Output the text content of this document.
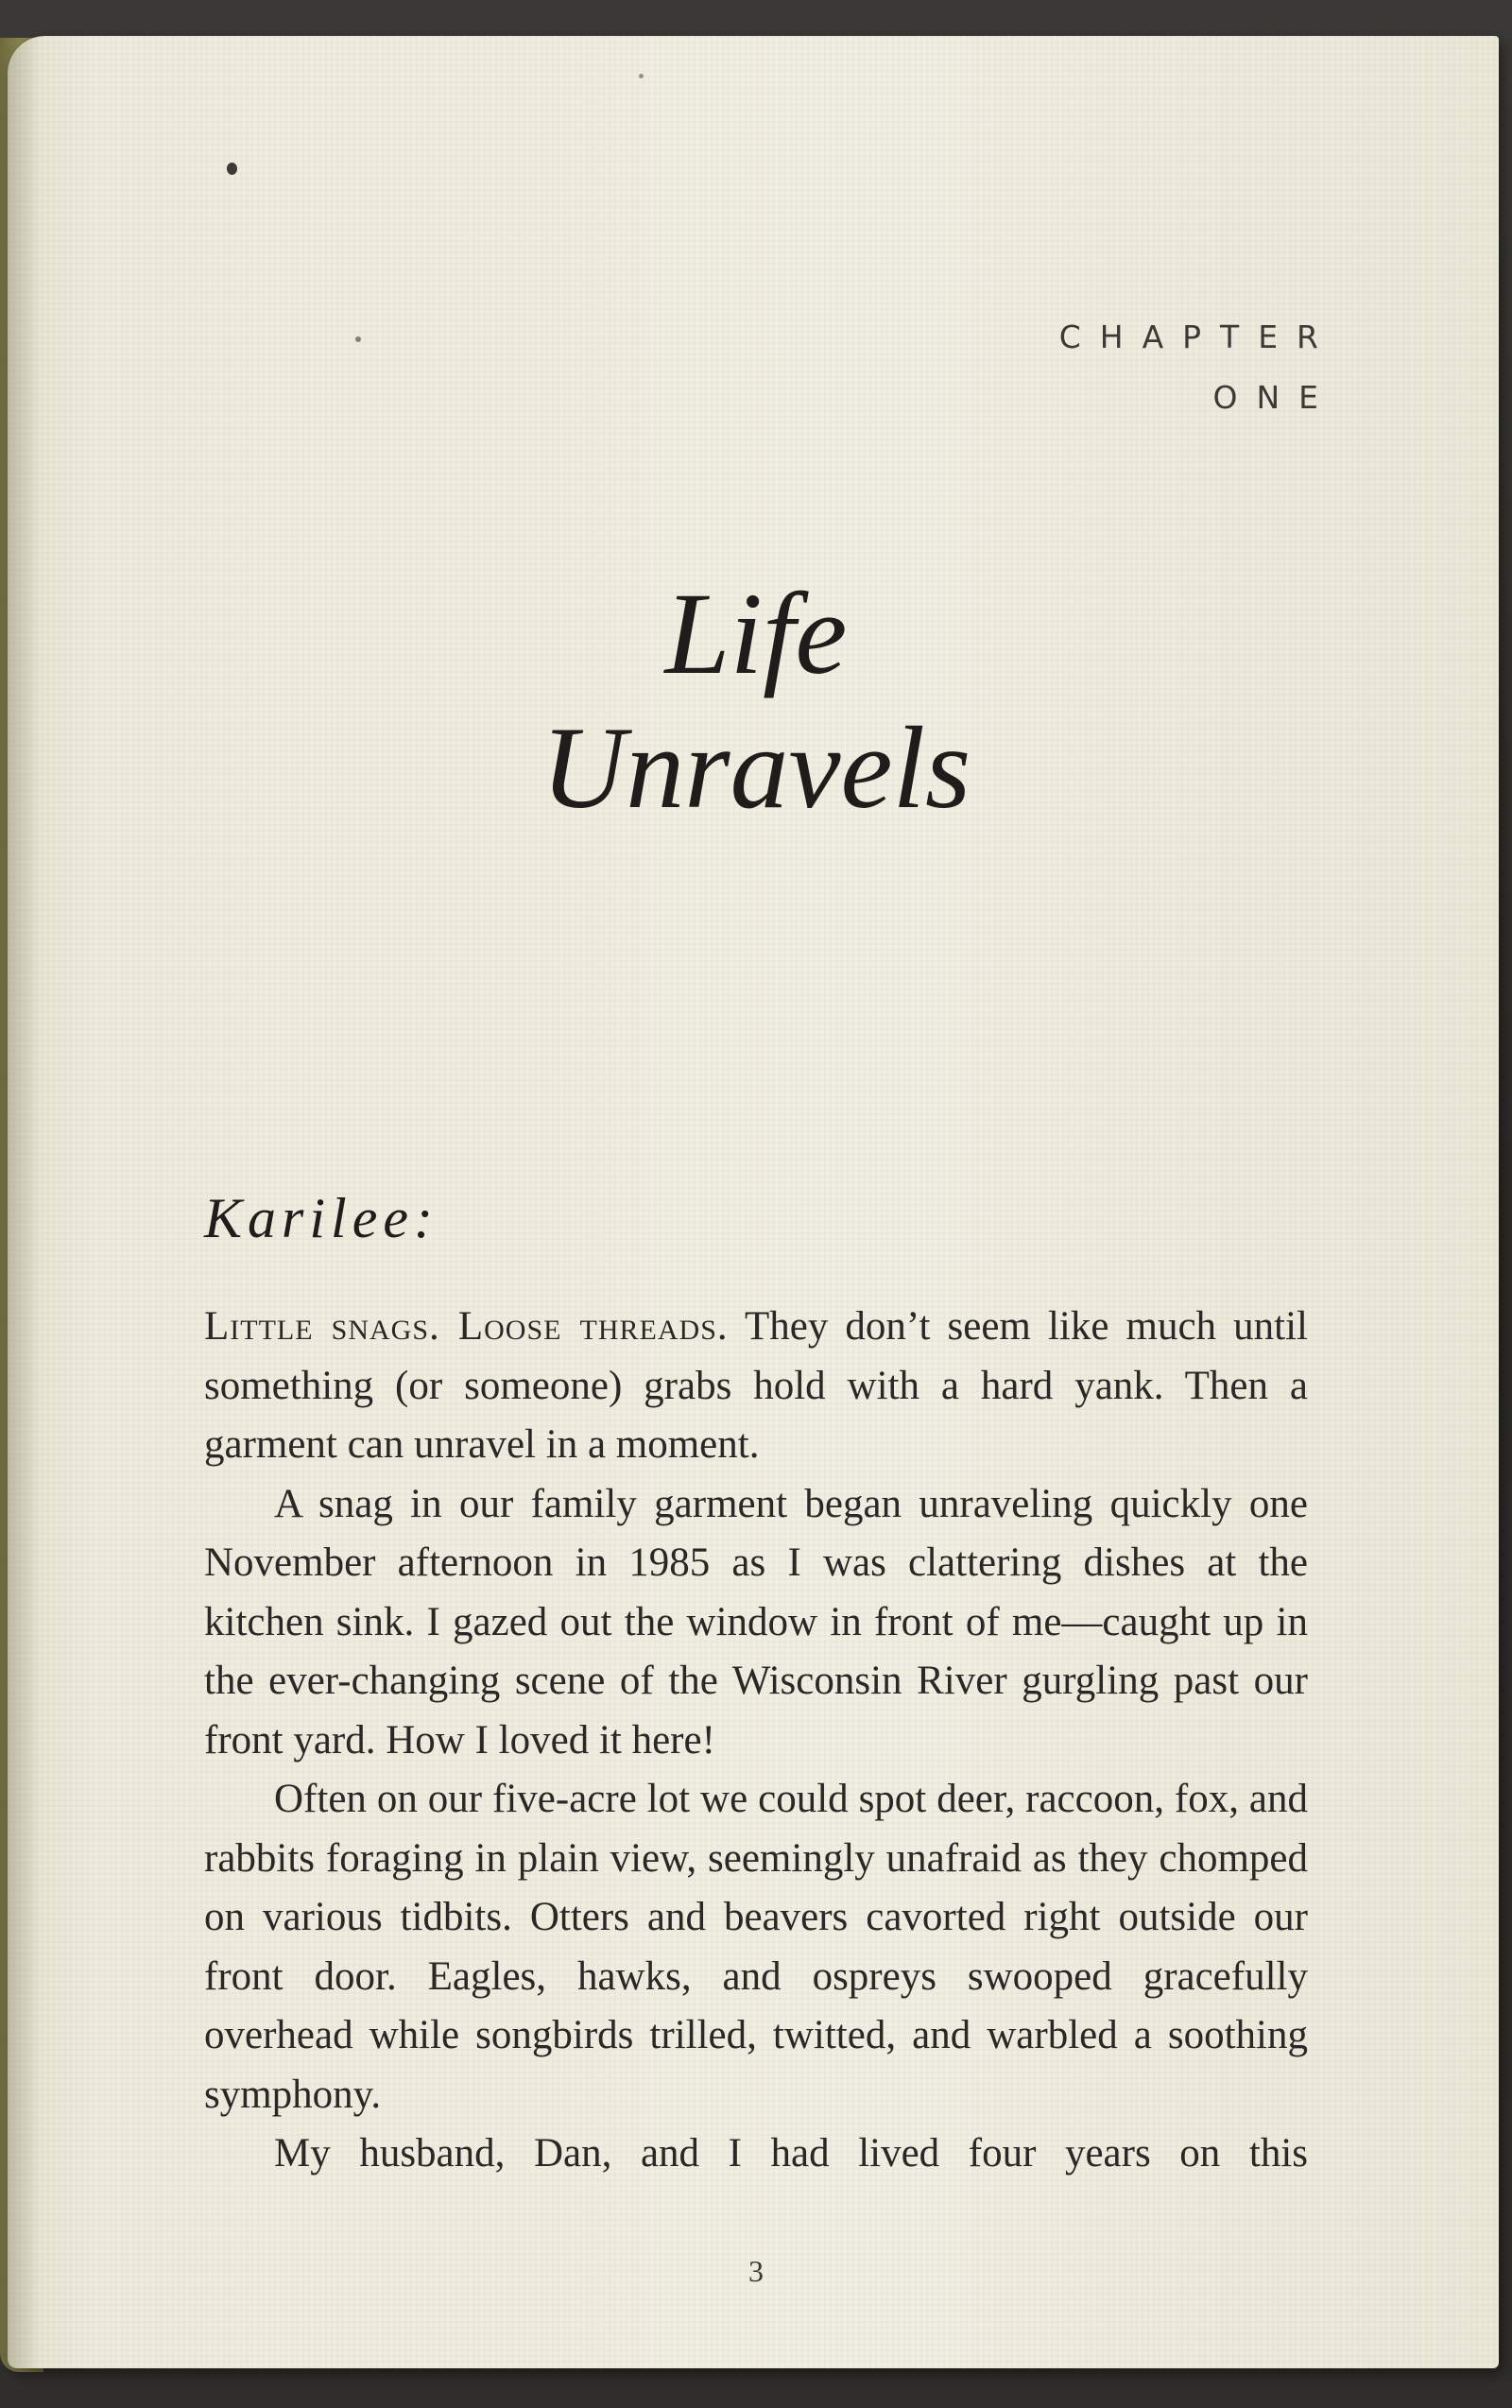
CHAPTER
ONE
Life
Unravels
Karilee:

Little snags. Loose threads. They don’t seem like much until something (or someone) grabs hold with a hard yank. Then a garment can unravel in a moment.

A snag in our family garment began unraveling quickly one November afternoon in 1985 as I was clattering dishes at the kitchen sink. I gazed out the window in front of me—caught up in the ever-changing scene of the Wisconsin River gurgling past our front yard. How I loved it here!

Often on our five-acre lot we could spot deer, raccoon, fox, and rabbits foraging in plain view, seemingly unafraid as they chomped on various tidbits. Otters and beavers cavorted right outside our front door. Eagles, hawks, and ospreys swooped gracefully overhead while songbirds trilled, twitted, and warbled a soothing symphony.

My husband, Dan, and I had lived four years on this

3
